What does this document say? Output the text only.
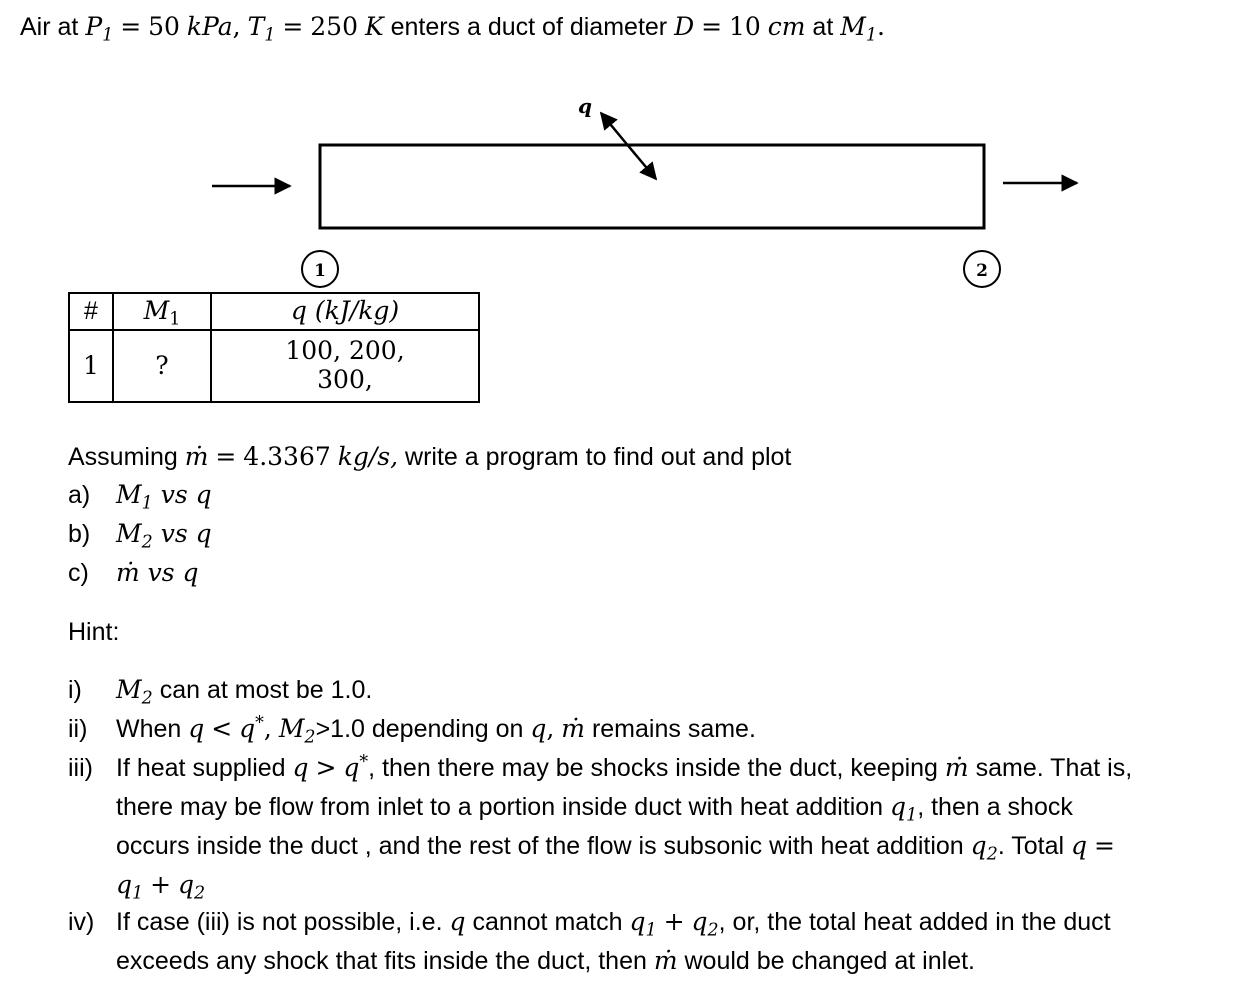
Air at $P_1 = 50$ kPa, $T_1 = 250$ K enters a duct of diameter D = 10 cm at $M_1$.
q
1	2
#	$M_1$	q (kJ/kg)
1	?	100, 200,
300,
Assuming ṁ = 4.3367 kg/s, write a program to find out and plot
a) $M_1$ vs q
b) $M_2$ vs q
c) ṁ vs q
Hint:
i) $M_2$ can at most be 1.0.
ii) When q < q*, $M_2>1.0$ depending on q, ṁ remains same.
iii) If heat supplied q > q*, then there may be shocks inside the duct, keeping ṁ same. That is,
there may be flow from inlet to a portion inside duct with heat addition $q_1$, then a shock
occurs inside the duct , and the rest of the flow is subsonic with heat addition $q_2$. Total q =
$q_1 + q_2$
iv) If case (iii) is not possible, i.e. q cannot match $q_1 + q_2$, or, the total heat added in the duct
exceeds any shock that fits inside the duct, then ṁ would be changed at inlet.
